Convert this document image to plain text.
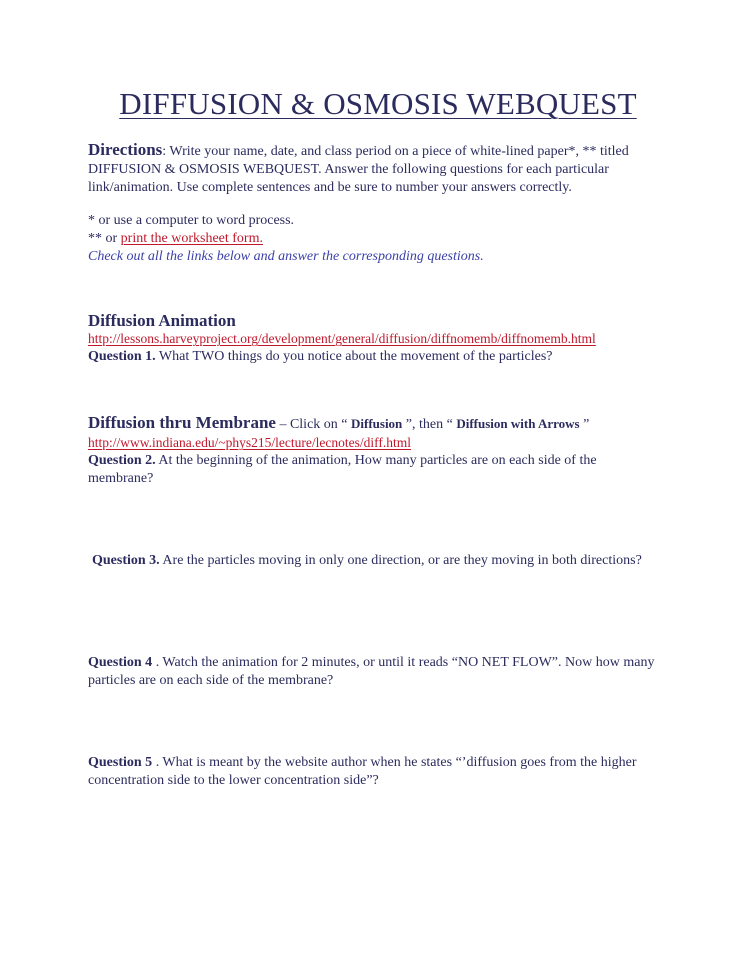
DIFFUSION & OSMOSIS WEBQUEST
Directions: Write your name, date, and class period on a piece of white-lined paper*, ** titled DIFFUSION & OSMOSIS WEBQUEST. Answer the following questions for each particular link/animation. Use complete sentences and be sure to number your answers correctly.
* or use a computer to word process.
** or print the worksheet form.
Check out all the links below and answer the corresponding questions.
Diffusion Animation
http://lessons.harveyproject.org/development/general/diffusion/diffnomemb/diffnomemb.html
Question 1. What TWO things do you notice about the movement of the particles?
Diffusion thru Membrane – Click on “ Diffusion ”, then “ Diffusion with Arrows ”
http://www.indiana.edu/~phys215/lecture/lecnotes/diff.html
Question 2. At the beginning of the animation, How many particles are on each side of the membrane?
Question 3. Are the particles moving in only one direction, or are they moving in both directions?
Question 4 . Watch the animation for 2 minutes, or until it reads “NO NET FLOW”. Now how many particles are on each side of the membrane?
Question 5 . What is meant by the website author when he states “’diffusion goes from the higher concentration side to the lower concentration side”?
